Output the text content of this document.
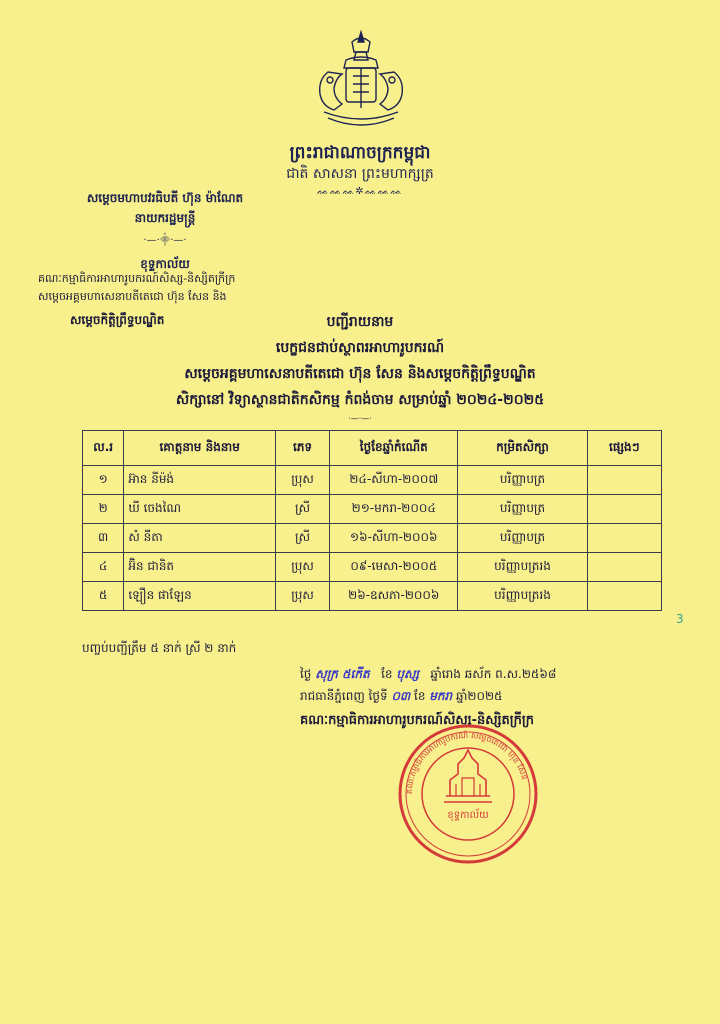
ព្រះរាជាណាចក្រកម្ពុជា
ជាតិ សាសនា ព្រះមហាក្សត្រ
ᨐᨐᨐ✲ᨐᨐᨐ
សម្ដេចមហាបវរធិបតី ហ៊ុន ម៉ាណែត
នាយករដ្ឋមន្ត្រី
·—·⸎·—·
ខុទ្ទកាល័យ
គណៈកម្មាធិការអាហារូបករណ៍សិស្ស-និស្សិតក្រីក្រ
សម្ដេចអគ្គមហាសេនាបតីតេជោ ហ៊ុន សែន និង
សម្ដេចកិត្តិព្រឹទ្ធបណ្ឌិត	បញ្ជីរាយនាម
បេក្ខជនជាប់ស្ថាពរអាហារូបករណ៍
សម្ដេចអគ្គមហាសេនាបតីតេជោ ហ៊ុន សែន និងសម្ដេចកិត្តិព្រឹទ្ធបណ្ឌិត
សិក្សានៅ វិទ្យាស្ថានជាតិកសិកម្ម កំពង់ចាម សម្រាប់ឆ្នាំ ២០២៤-២០២៥
·—·—·
ល.រ	គោត្តនាម និងនាម	ភេទ	ថ្ងៃខែឆ្នាំកំណើត	កម្រិតសិក្សា	ផ្សេងៗ
១	អ៊ាន នីម៉ង់	ប្រុស	២៤-សីហា-២០០៧	បរិញ្ញាបត្រ	
២	ឃី ចេងណៃ	ស្រី	២១-មករា-២០០៤	បរិញ្ញាបត្រ	
៣	សំ នីតា	ស្រី	១៦-សីហា-២០០៦	បរិញ្ញាបត្រ	
៤	អ៊ិន ជានិត	ប្រុស	០៩-មេសា-២០០៥	បរិញ្ញាបត្ររង	
៥	ឡឿន ផាឡែន	ប្រុស	២៦-ឧសភា-២០០៦	បរិញ្ញាបត្ររង	
3
បញ្ចប់បញ្ជីត្រឹម ៥ នាក់ ស្រី ២ នាក់
ថ្ងៃ សុក្រ ៥កើត ខែ បុស្ស ឆ្នាំរោង ឆស័ក ព.ស.២៥៦៨
រាជធានីភ្នំពេញ ថ្ងៃទី ០៣ ខែ មករា ឆ្នាំ២០២៥
គណៈកម្មាធិការអាហារូបករណ៍សិស្ស-និស្សិតក្រីក្រ
គណៈកម្មាធិការអាហារូបករណ៍ សម្ដេចតេជោ ហ៊ុន សែន
ខុទ្ទកាល័យ
